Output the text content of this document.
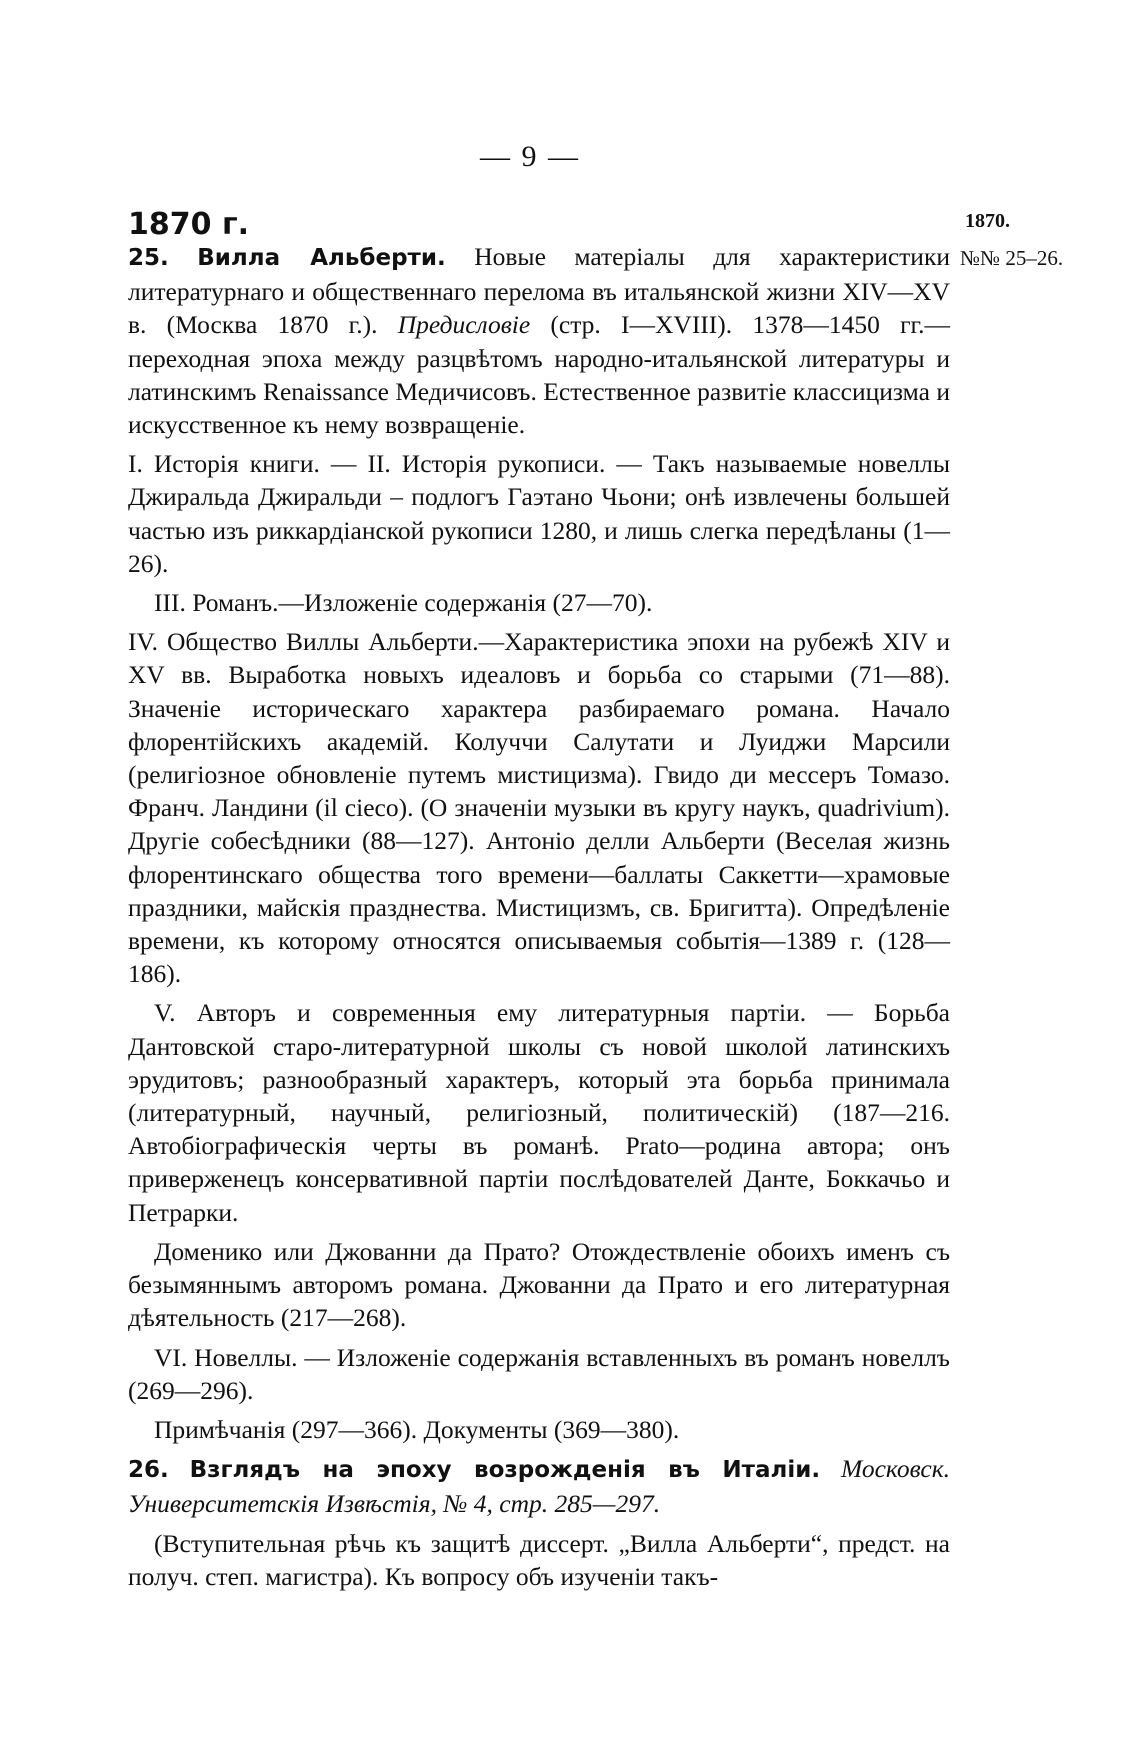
— 9 —
1870 г.	1870.
№№ 25–26.

25. Вилла Альберти. Новые матеріалы для характеристики литературнаго и общественнаго перелома въ итальянской жизни XIV—XV в. (Москва 1870 г.). Предисловіе (стр. I—XVIII). 1378—1450 гг.—переходная эпоха между разцвѣтомъ народно-итальянской литературы и латинскимъ Renaissance Медичисовъ. Естественное развитіе классицизма и искусственное къ нему возвращеніе.

I. Исторія книги. — II. Исторія рукописи. — Такъ называемые новеллы Джиральда Джиральди – подлогъ Гаэтано Чьони; онѣ извлечены большей частью изъ риккардіанской рукописи 1280, и лишь слегка передѣланы (1—26).

III. Романъ.—Изложеніе содержанія (27—70).

IV. Общество Виллы Альберти.—Характеристика эпохи на рубежѣ XIV и XV вв. Выработка новыхъ идеаловъ и борьба со старыми (71—88). Значеніе историческаго характера разбираемаго романа. Начало флорентійскихъ академій. Колуччи Салутати и Луиджи Марсили (религіозное обновленіе путемъ мистицизма). Гвидо ди мессеръ Томазо. Франч. Ландини (il cieco). (О значеніи музыки въ кругу наукъ, quadrivium). Другіе собесѣдники (88—127). Антоніо делли Альберти (Веселая жизнь флорентинскаго общества того времени—баллаты Саккетти—храмовые праздники, майскія празднества. Мистицизмъ, св. Бригитта). Опредѣленіе времени, къ которому относятся описываемыя событія—1389 г. (128—186).

V. Авторъ и современныя ему литературныя партіи. — Борьба Дантовской старо-литературной школы съ новой школой латинскихъ эрудитовъ; разнообразный характеръ, который эта борьба принимала (литературный, научный, религіозный, политическій) (187—216. Автобіографическія черты въ романѣ. Prato—родина автора; онъ приверженецъ консервативной партіи послѣдователей Данте, Боккачьо и Петрарки.

Доменико или Джованни да Прато? Отождествленіе обоихъ именъ съ безымяннымъ авторомъ романа. Джованни да Прато и его литературная дѣятельность (217—268).

VI. Новеллы. — Изложеніе содержанія вставленныхъ въ романъ новеллъ (269—296).

Примѣчанія (297—366). Документы (369—380).

26. Взглядъ на эпоху возрожденія въ Италіи. Московск. Университетскія Извѣстія, № 4, стр. 285—297.

(Вступительная рѣчь къ защитѣ диссерт. „Вилла Альберти“, предст. на получ. степ. магистра). Къ вопросу объ изученіи такъ-
